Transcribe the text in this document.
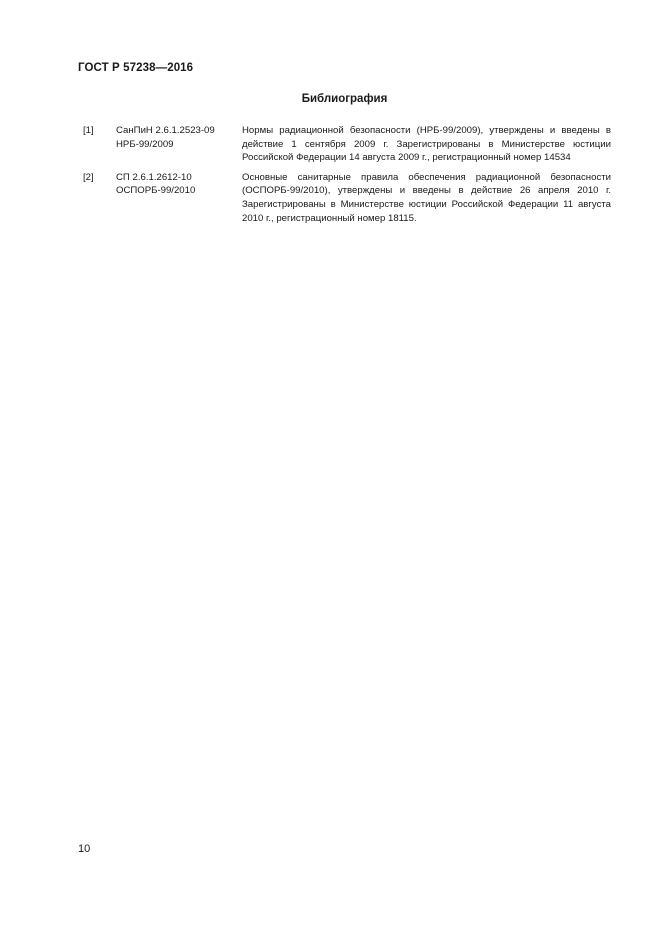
ГОСТ Р 57238—2016
Библиография
[1] СанПиН 2.6.1.2523-09
НРБ-99/2009
Нормы радиационной безопасности (НРБ-99/2009), утверждены и введены в действие 1 сентября 2009 г. Зарегистрированы в Министерстве юстиции Российской Федерации 14 августа 2009 г., регистрационный номер 14534
[2] СП 2.6.1.2612-10
ОСПОРБ-99/2010
Основные санитарные правила обеспечения радиационной безопасности (ОСПОРБ-99/2010), утверждены и введены в действие 26 апреля 2010 г. Зарегистрированы в Министерстве юстиции Российской Федерации 11 августа 2010 г., регистрационный номер 18115.
10
